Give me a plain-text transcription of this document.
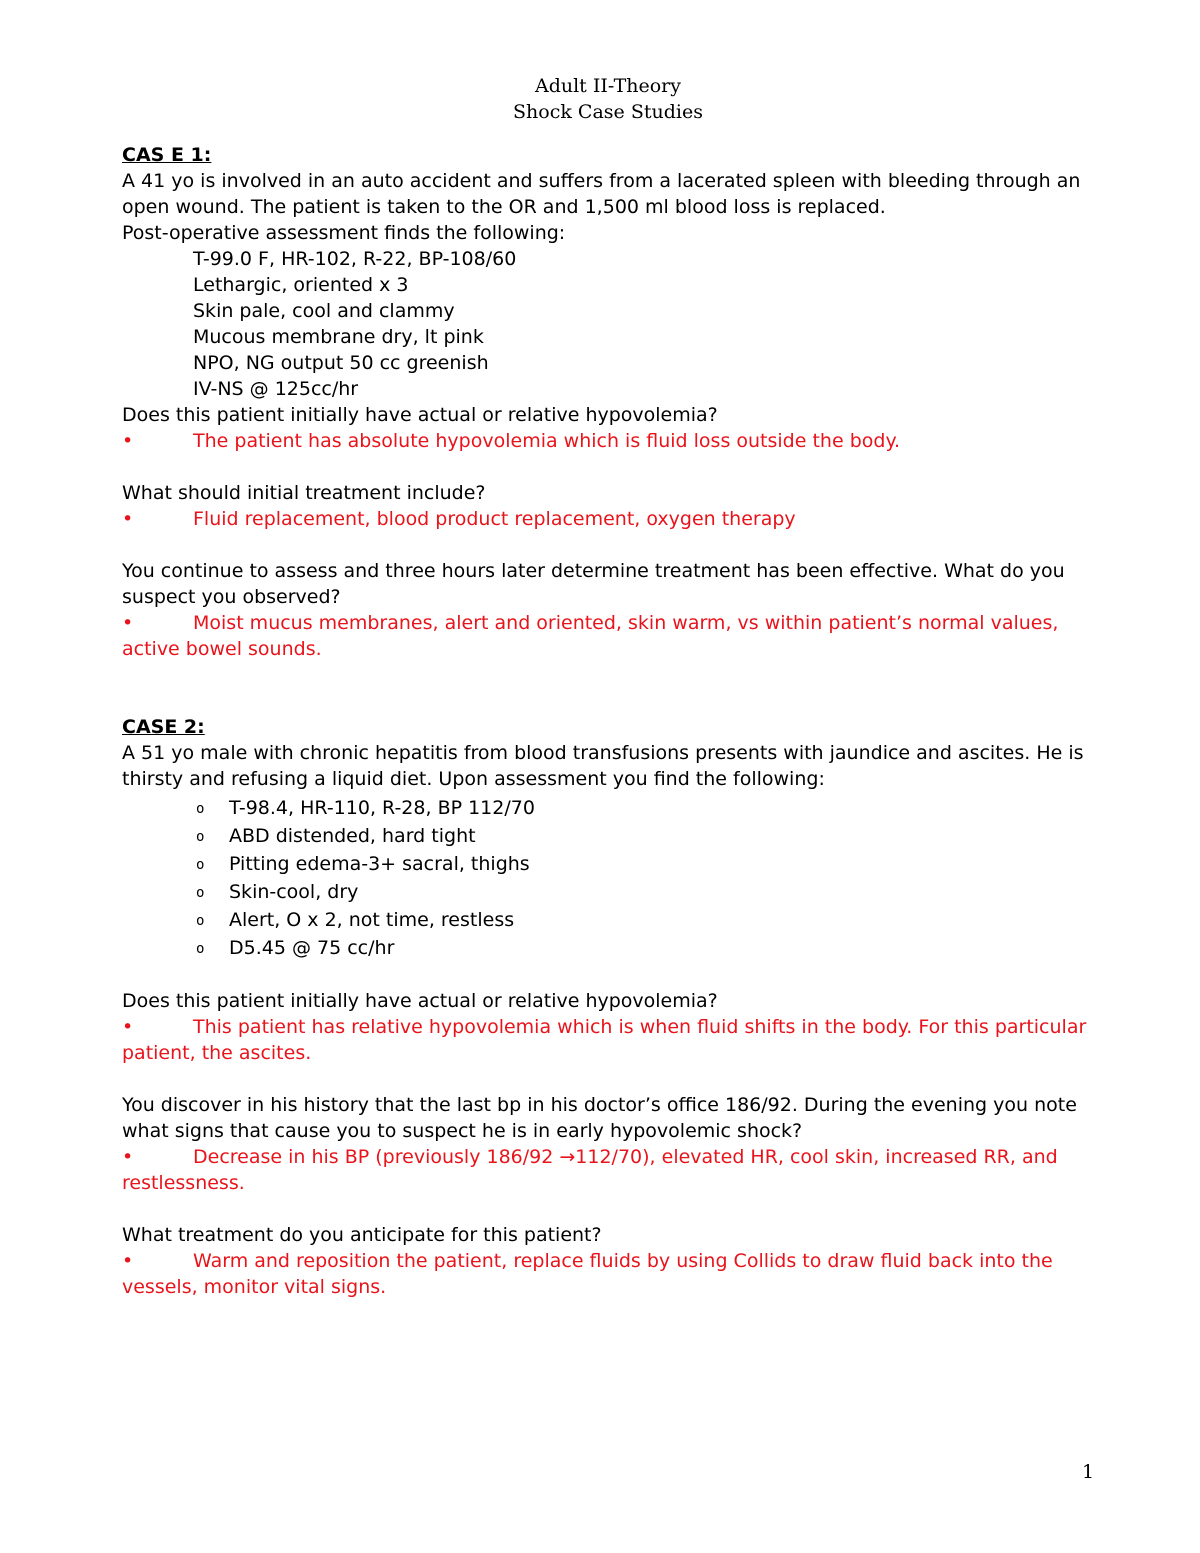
Adult II-Theory
Shock Case Studies

CAS E 1:

A 41 yo is involved in an auto accident and suffers from a lacerated spleen with bleeding through an

open wound. The patient is taken to the OR and 1,500 ml blood loss is replaced.

Post-operative assessment finds the following:

T-99.0 F, HR-102, R-22, BP-108/60

Lethargic, oriented x 3

Skin pale, cool and clammy

Mucous membrane dry, lt pink

NPO, NG output 50 cc greenish

IV-NS @ 125cc/hr

Does this patient initially have actual or relative hypovolemia?

•	The patient has absolute hypovolemia which is fluid loss outside the body.

What should initial treatment include?

•	Fluid replacement, blood product replacement, oxygen therapy

You continue to assess and three hours later determine treatment has been effective. What do you

suspect you observed?

•	Moist mucus membranes, alert and oriented, skin warm, vs within patient’s normal values,

active bowel sounds.

CASE 2:

A 51 yo male with chronic hepatitis from blood transfusions presents with jaundice and ascites. He is

thirsty and refusing a liquid diet. Upon assessment you find the following:

o T-98.4, HR-110, R-28, BP 112/70
o ABD distended, hard tight
o Pitting edema-3+ sacral, thighs
o Skin-cool, dry
o Alert, O x 2, not time, restless
o D5.45 @ 75 cc/hr

Does this patient initially have actual or relative hypovolemia?

•	This patient has relative hypovolemia which is when fluid shifts in the body. For this particular

patient, the ascites.

You discover in his history that the last bp in his doctor’s office 186/92. During the evening you note

what signs that cause you to suspect he is in early hypovolemic shock?

•	Decrease in his BP (previously 186/92 →112/70), elevated HR, cool skin, increased RR, and

restlessness.

What treatment do you anticipate for this patient?

•	Warm and reposition the patient, replace fluids by using Collids to draw fluid back into the

vessels, monitor vital signs.

1
